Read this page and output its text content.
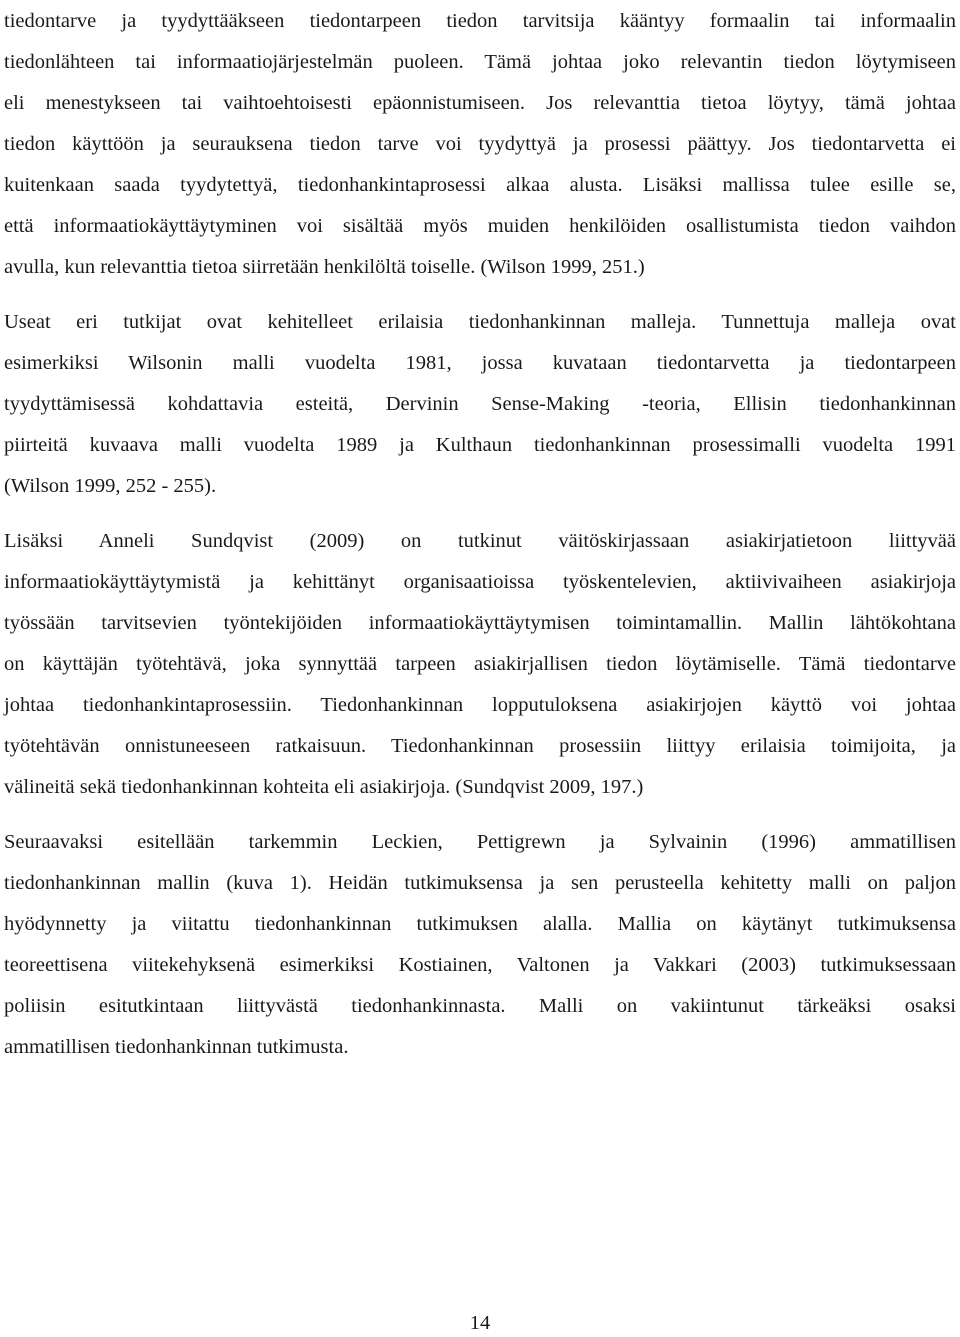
tiedontarve ja tyydyttääkseen tiedontarpeen tiedon tarvitsija kääntyy formaalin tai informaalin
tiedonlähteen tai informaatiojärjestelmän puoleen. Tämä johtaa joko relevantin tiedon löytymiseen
eli menestykseen tai vaihtoehtoisesti epäonnistumiseen. Jos relevanttia tietoa löytyy, tämä johtaa
tiedon käyttöön ja seurauksena tiedon tarve voi tyydyttyä ja prosessi päättyy. Jos tiedontarvetta ei
kuitenkaan saada tyydytettyä, tiedonhankintaprosessi alkaa alusta. Lisäksi mallissa tulee esille se,
että informaatiokäyttäytyminen voi sisältää myös muiden henkilöiden osallistumista tiedon vaihdon
avulla, kun relevanttia tietoa siirretään henkilöltä toiselle. (Wilson 1999, 251.)
Useat eri tutkijat ovat kehitelleet erilaisia tiedonhankinnan malleja. Tunnettuja malleja ovat
esimerkiksi Wilsonin malli vuodelta 1981, jossa kuvataan tiedontarvetta ja tiedontarpeen
tyydyttämisessä kohdattavia esteitä, Dervinin Sense-Making -teoria, Ellisin tiedonhankinnan
piirteitä kuvaava malli vuodelta 1989 ja Kulthaun tiedonhankinnan prosessimalli vuodelta 1991
(Wilson 1999, 252 - 255).
Lisäksi Anneli Sundqvist (2009) on tutkinut väitöskirjassaan asiakirjatietoon liittyvää
informaatiokäyttäytymistä ja kehittänyt organisaatioissa työskentelevien, aktiivivaiheen asiakirjoja
työssään tarvitsevien työntekijöiden informaatiokäyttäytymisen toimintamallin. Mallin lähtökohtana
on käyttäjän työtehtävä, joka synnyttää tarpeen asiakirjallisen tiedon löytämiselle. Tämä tiedontarve
johtaa tiedonhankintaprosessiin. Tiedonhankinnan lopputuloksena asiakirjojen käyttö voi johtaa
työtehtävän onnistuneeseen ratkaisuun. Tiedonhankinnan prosessiin liittyy erilaisia toimijoita, ja
välineitä sekä tiedonhankinnan kohteita eli asiakirjoja. (Sundqvist 2009, 197.)
Seuraavaksi esitellään tarkemmin Leckien, Pettigrewn ja Sylvainin (1996) ammatillisen
tiedonhankinnan mallin (kuva 1). Heidän tutkimuksensa ja sen perusteella kehitetty malli on paljon
hyödynnetty ja viitattu tiedonhankinnan tutkimuksen alalla. Mallia on käytänyt tutkimuksensa
teoreettisena viitekehyksenä esimerkiksi Kostiainen, Valtonen ja Vakkari (2003) tutkimuksessaan
poliisin esitutkintaan liittyvästä tiedonhankinnasta. Malli on vakiintunut tärkeäksi osaksi
ammatillisen tiedonhankinnan tutkimusta.
14
